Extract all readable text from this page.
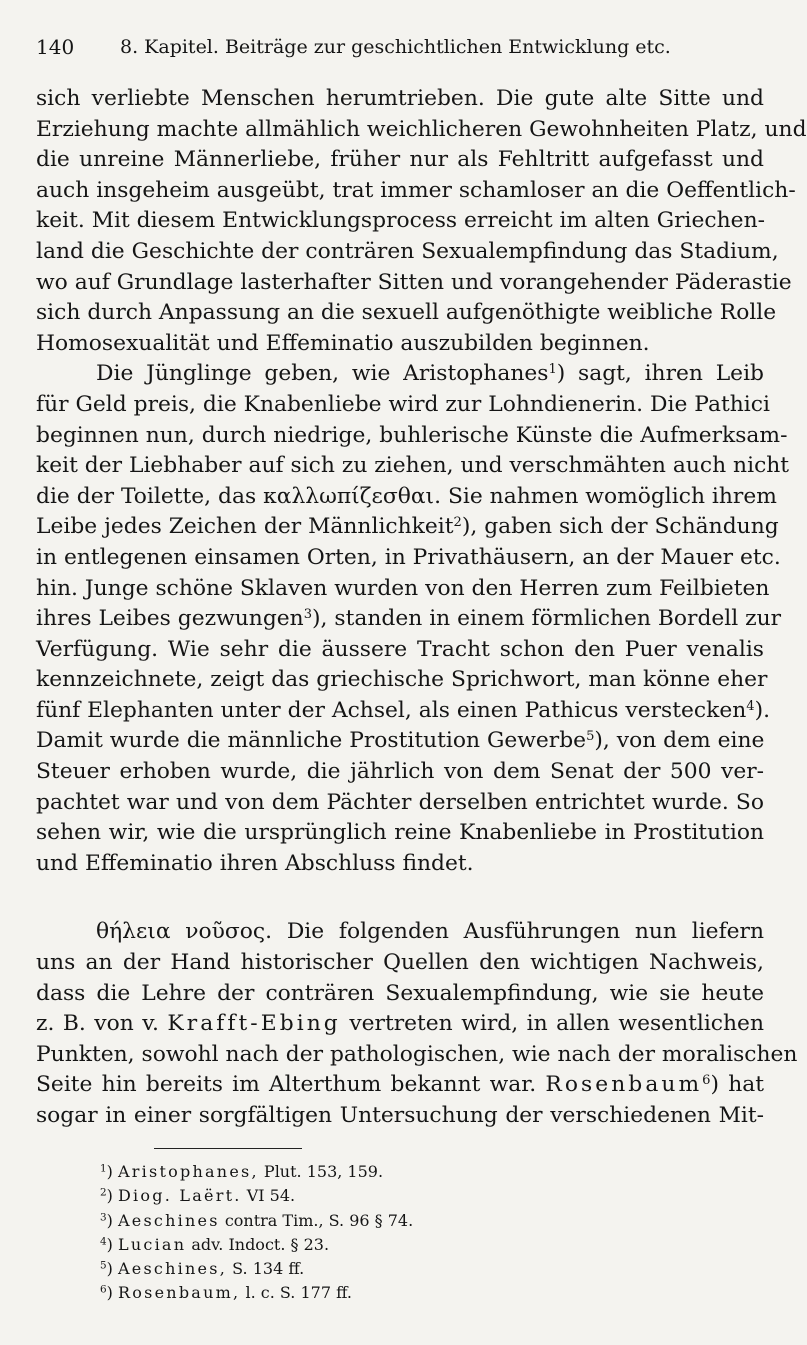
140 8. Kapitel. Beiträge zur geschichtlichen Entwicklung etc.
sich verliebte Menschen herumtrieben. Die gute alte Sitte und
Erziehung machte allmählich weichlicheren Gewohnheiten Platz, und
die unreine Männerliebe, früher nur als Fehltritt aufgefasst und
auch insgeheim ausgeübt, trat immer schamloser an die Oeffentlich-
keit. Mit diesem Entwicklungsprocess erreicht im alten Griechen-
land die Geschichte der conträren Sexualempfindung das Stadium,
wo auf Grundlage lasterhafter Sitten und vorangehender Päderastie
sich durch Anpassung an die sexuell aufgenöthigte weibliche Rolle
Homosexualität und Effeminatio auszubilden beginnen.
Die Jünglinge geben, wie Aristophanes$^1$) sagt, ihren Leib
für Geld preis, die Knabenliebe wird zur Lohndienerin. Die Pathici
beginnen nun, durch niedrige, buhlerische Künste die Aufmerksam-
keit der Liebhaber auf sich zu ziehen, und verschmähten auch nicht
die der Toilette, das καλλωπίζεσθαι. Sie nahmen womöglich ihrem
Leibe jedes Zeichen der Männlichkeit$^2$), gaben sich der Schändung
in entlegenen einsamen Orten, in Privathäusern, an der Mauer etc.
hin. Junge schöne Sklaven wurden von den Herren zum Feilbieten
ihres Leibes gezwungen$^3$), standen in einem förmlichen Bordell zur
Verfügung. Wie sehr die äussere Tracht schon den Puer venalis
kennzeichnete, zeigt das griechische Sprichwort, man könne eher
fünf Elephanten unter der Achsel, als einen Pathicus verstecken$^4$).
Damit wurde die männliche Prostitution Gewerbe$^5$), von dem eine
Steuer erhoben wurde, die jährlich von dem Senat der 500 ver-
pachtet war und von dem Pächter derselben entrichtet wurde. So
sehen wir, wie die ursprünglich reine Knabenliebe in Prostitution
und Effeminatio ihren Abschluss findet.
θήλεια νοῦσος. Die folgenden Ausführungen nun liefern
uns an der Hand historischer Quellen den wichtigen Nachweis,
dass die Lehre der conträren Sexualempfindung, wie sie heute
z. B. von v. Krafft-Ebing vertreten wird, in allen wesentlichen
Punkten, sowohl nach der pathologischen, wie nach der moralischen
Seite hin bereits im Alterthum bekannt war. Rosenbaum$^6$) hat
sogar in einer sorgfältigen Untersuchung der verschiedenen Mit-
$^1$) Aristophanes, Plut. 153, 159.
$^2$) Diog. Laërt. VI 54.
$^3$) Aeschines contra Tim., S. 96 § 74.
$^4$) Lucian adv. Indoct. § 23.
$^5$) Aeschines, S. 134 ff.
$^6$) Rosenbaum, l. c. S. 177 ff.
